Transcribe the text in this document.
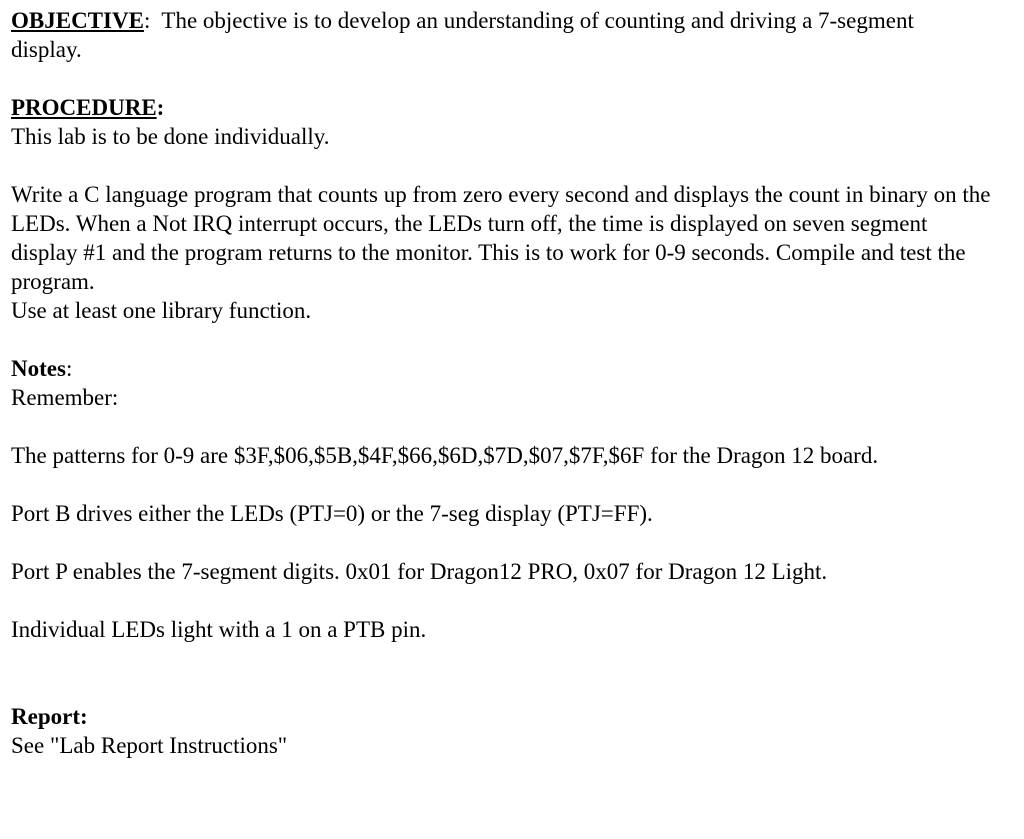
OBJECTIVE:  The objective is to develop an understanding of counting and driving a 7-segment display.

PROCEDURE:

This lab is to be done individually.

Write a C language program that counts up from zero every second and displays the count in binary on the LEDs. When a Not IRQ interrupt occurs, the LEDs turn off, the time is displayed on seven segment display #1 and the program returns to the monitor. This is to work for 0-9 seconds. Compile and test the program.

Use at least one library function.

Notes:

Remember:

The patterns for 0-9 are $3F,$06,$5B,$4F,$66,$6D,$7D,$07,$7F,$6F for the Dragon 12 board.

Port B drives either the LEDs (PTJ=0) or the 7-seg display (PTJ=FF).

Port P enables the 7-segment digits. 0x01 for Dragon12 PRO, 0x07 for Dragon 12 Light.

Individual LEDs light with a 1 on a PTB pin.

Report:

See "Lab Report Instructions"
